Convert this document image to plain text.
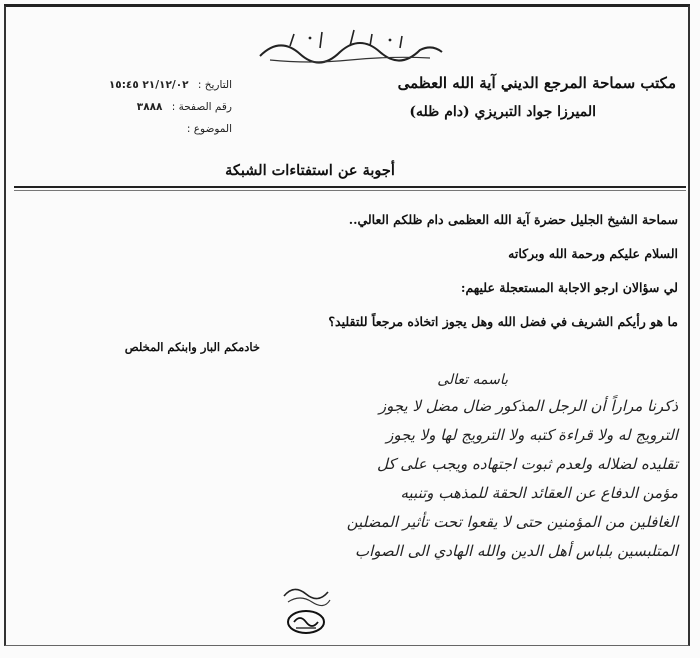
مكتب سماحة المرجع الديني آية الله العظمى
الميرزا جواد التبريزي (دام ظله)
التاريخ : ٢١/١٢/٠٢ ١٥:٤٥
رقم الصفحة : ٣٨٨٨
الموضوع :
أجوبة عن استفتاءات الشبكة

سماحة الشيخ الجليل حضرة آية الله العظمى دام ظلكم العالي..

السلام عليكم ورحمة الله وبركاته

لي سؤالان ارجو الاجابة المستعجلة عليهم:

ما هو رأيكم الشريف في فضل الله وهل يجوز اتخاذه مرجعاً للتقليد؟

خادمكم البار وابنكم المخلص
باسمه تعالى
ذكرنا مراراً أن الرجل المذكور ضال مضل لا يجوز
الترويج له ولا قراءة كتبه ولا الترويج لها ولا يجوز
تقليده لضلاله ولعدم ثبوت اجتهاده ويجب على كل
مؤمن الدفاع عن العقائد الحقة للمذهب وتنبيه
الغافلين من المؤمنين حتى لا يقعوا تحت تأثير المضلين
المتلبسين بلباس أهل الدين والله الهادي الى الصواب
